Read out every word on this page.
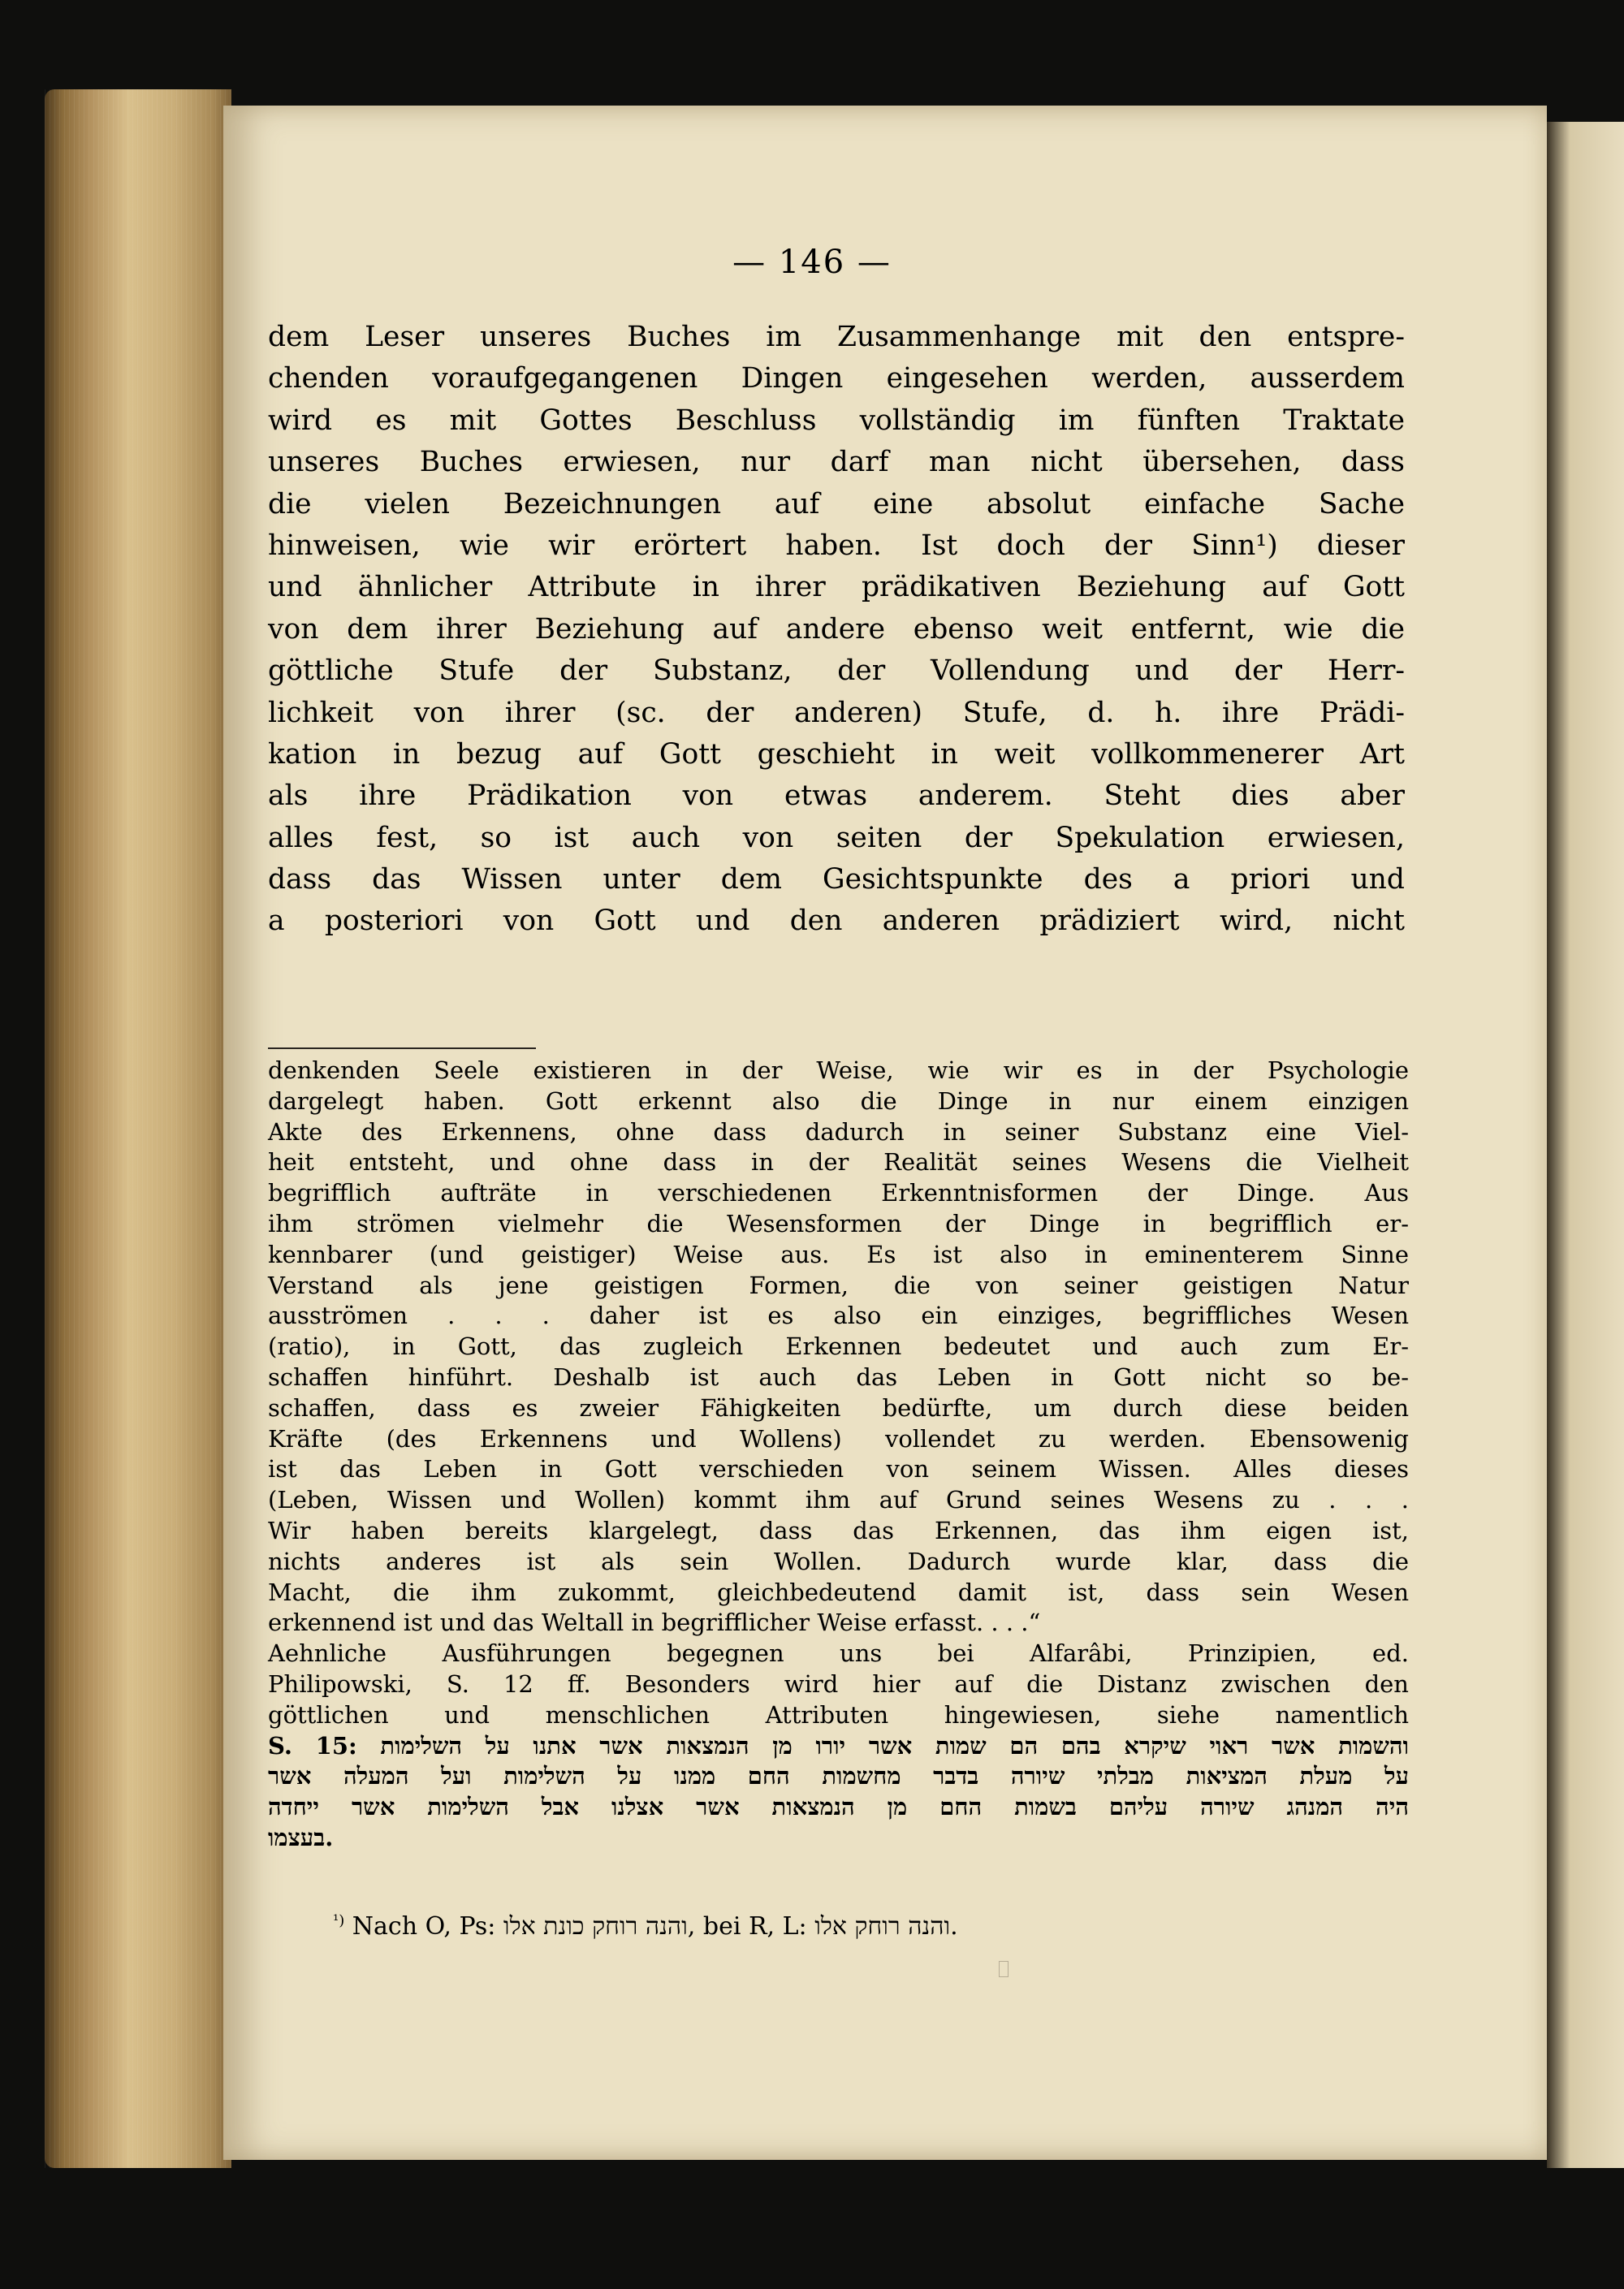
— 146 —
dem Leser unseres Buches im Zusammenhange mit den entspre-
chenden voraufgegangenen Dingen eingesehen werden, ausserdem
wird es mit Gottes Beschluss vollständig im fünften Traktate
unseres Buches erwiesen, nur darf man nicht übersehen, dass
die vielen Bezeichnungen auf eine absolut einfache Sache
hinweisen, wie wir erörtert haben. Ist doch der Sinn¹) dieser
und ähnlicher Attribute in ihrer prädikativen Beziehung auf Gott
von dem ihrer Beziehung auf andere ebenso weit entfernt, wie die
göttliche Stufe der Substanz, der Vollendung und der Herr-
lichkeit von ihrer (sc. der anderen) Stufe, d. h. ihre Prädi-
kation in bezug auf Gott geschieht in weit vollkommenerer Art
als ihre Prädikation von etwas anderem. Steht dies aber
alles fest, so ist auch von seiten der Spekulation erwiesen,
dass das Wissen unter dem Gesichtspunkte des a priori und
a posteriori von Gott und den anderen prädiziert wird, nicht
denkenden Seele existieren in der Weise, wie wir es in der Psychologie
dargelegt haben. Gott erkennt also die Dinge in nur einem einzigen
Akte des Erkennens, ohne dass dadurch in seiner Substanz eine Viel-
heit entsteht, und ohne dass in der Realität seines Wesens die Vielheit
begrifflich aufträte in verschiedenen Erkenntnisformen der Dinge. Aus
ihm strömen vielmehr die Wesensformen der Dinge in begrifflich er-
kennbarer (und geistiger) Weise aus. Es ist also in eminenterem Sinne
Verstand als jene geistigen Formen, die von seiner geistigen Natur
ausströmen . . . daher ist es also ein einziges, begriffliches Wesen
(ratio), in Gott, das zugleich Erkennen bedeutet und auch zum Er-
schaffen hinführt. Deshalb ist auch das Leben in Gott nicht so be-
schaffen, dass es zweier Fähigkeiten bedürfte, um durch diese beiden
Kräfte (des Erkennens und Wollens) vollendet zu werden. Ebensowenig
ist das Leben in Gott verschieden von seinem Wissen. Alles dieses
(Leben, Wissen und Wollen) kommt ihm auf Grund seines Wesens zu . . .
Wir haben bereits klargelegt, dass das Erkennen, das ihm eigen ist,
nichts anderes ist als sein Wollen. Dadurch wurde klar, dass die
Macht, die ihm zukommt, gleichbedeutend damit ist, dass sein Wesen
erkennend ist und das Weltall in begrifflicher Weise erfasst. . . .“
Aehnliche Ausführungen begegnen uns bei Alfarâbi, Prinzipien, ed.
Philipowski, S. 12 ff. Besonders wird hier auf die Distanz zwischen den
göttlichen und menschlichen Attributen hingewiesen, siehe namentlich
S. 15: והשמות אשר ראוי שיקרא בהם הם שמות אשר יורו מן הנמצאות אשר אתנו על השלימות
על מעלת המציאות מבלתי שיורה בדבר מחשמות החם ממנו על השלימות ועל המעלה אשר
היה המנהג שיורה עליהם בשמות החם מן הנמצאות אשר אצלנו אבל השלימות אשר ייחדה
בעצמו.
$^{^1)}$ Nach O, Ps: והנה רוחק כונת אלו, bei R, L: והנה רוחק אלו.
